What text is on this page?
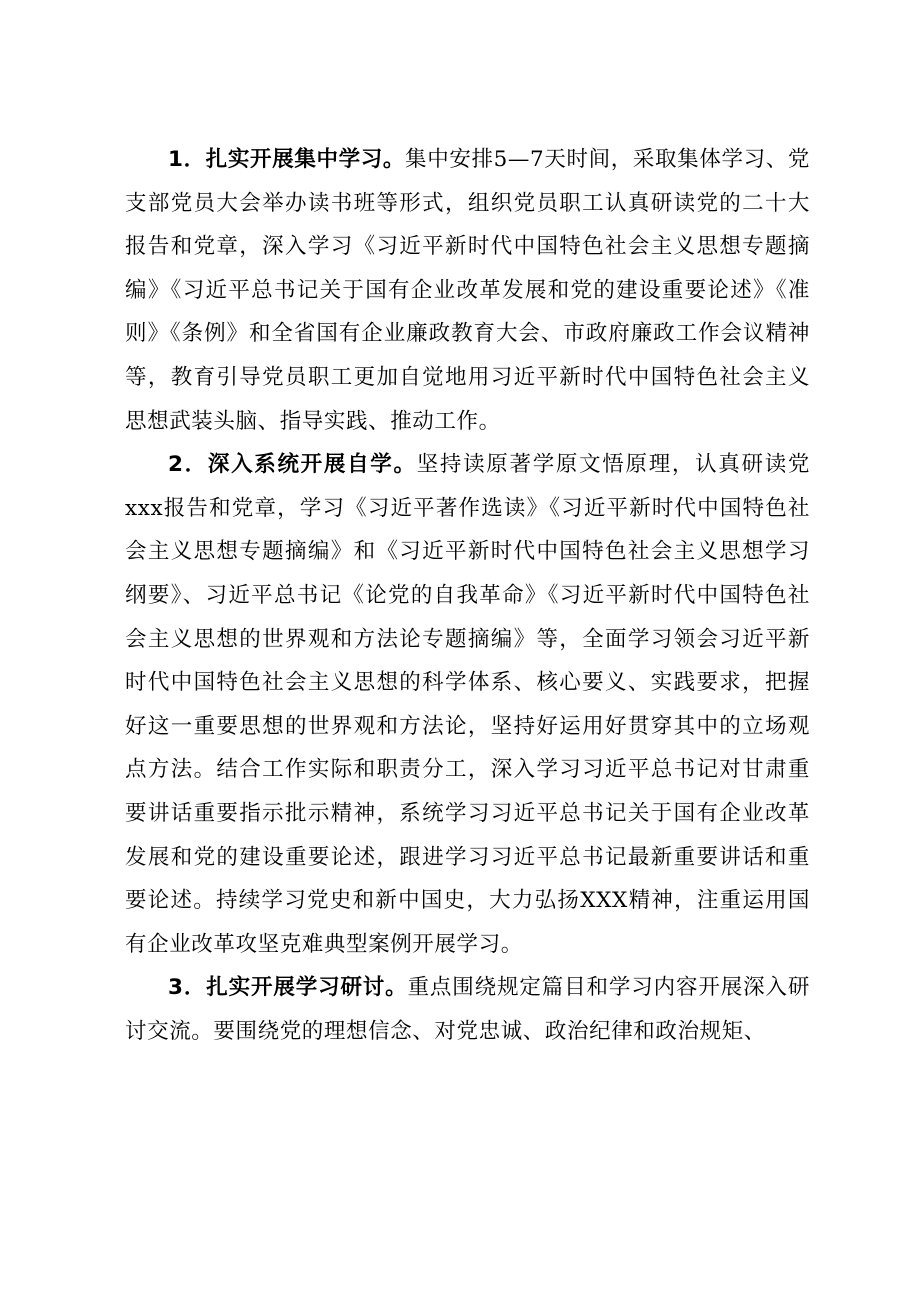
1．扎实开展集中学习。集中安排5—7天时间，采取集体学习、党支部党员大会举办读书班等形式，组织党员职工认真研读党的二十大报告和党章，深入学习《习近平新时代中国特色社会主义思想专题摘编》《习近平总书记关于国有企业改革发展和党的建设重要论述》《准则》《条例》和全省国有企业廉政教育大会、市政府廉政工作会议精神等，教育引导党员职工更加自觉地用习近平新时代中国特色社会主义思想武装头脑、指导实践、推动工作。

2．深入系统开展自学。坚持读原著学原文悟原理，认真研读党xxx报告和党章，学习《习近平著作选读》《习近平新时代中国特色社会主义思想专题摘编》和《习近平新时代中国特色社会主义思想学习纲要》、习近平总书记《论党的自我革命》《习近平新时代中国特色社会主义思想的世界观和方法论专题摘编》等，全面学习领会习近平新时代中国特色社会主义思想的科学体系、核心要义、实践要求，把握好这一重要思想的世界观和方法论，坚持好运用好贯穿其中的立场观点方法。结合工作实际和职责分工，深入学习习近平总书记对甘肃重要讲话重要指示批示精神，系统学习习近平总书记关于国有企业改革发展和党的建设重要论述，跟进学习习近平总书记最新重要讲话和重要论述。持续学习党史和新中国史，大力弘扬XXX精神，注重运用国有企业改革攻坚克难典型案例开展学习。

3．扎实开展学习研讨。重点围绕规定篇目和学习内容开展深入研讨交流。要围绕党的理想信念、对党忠诚、政治纪律和政治规矩、
